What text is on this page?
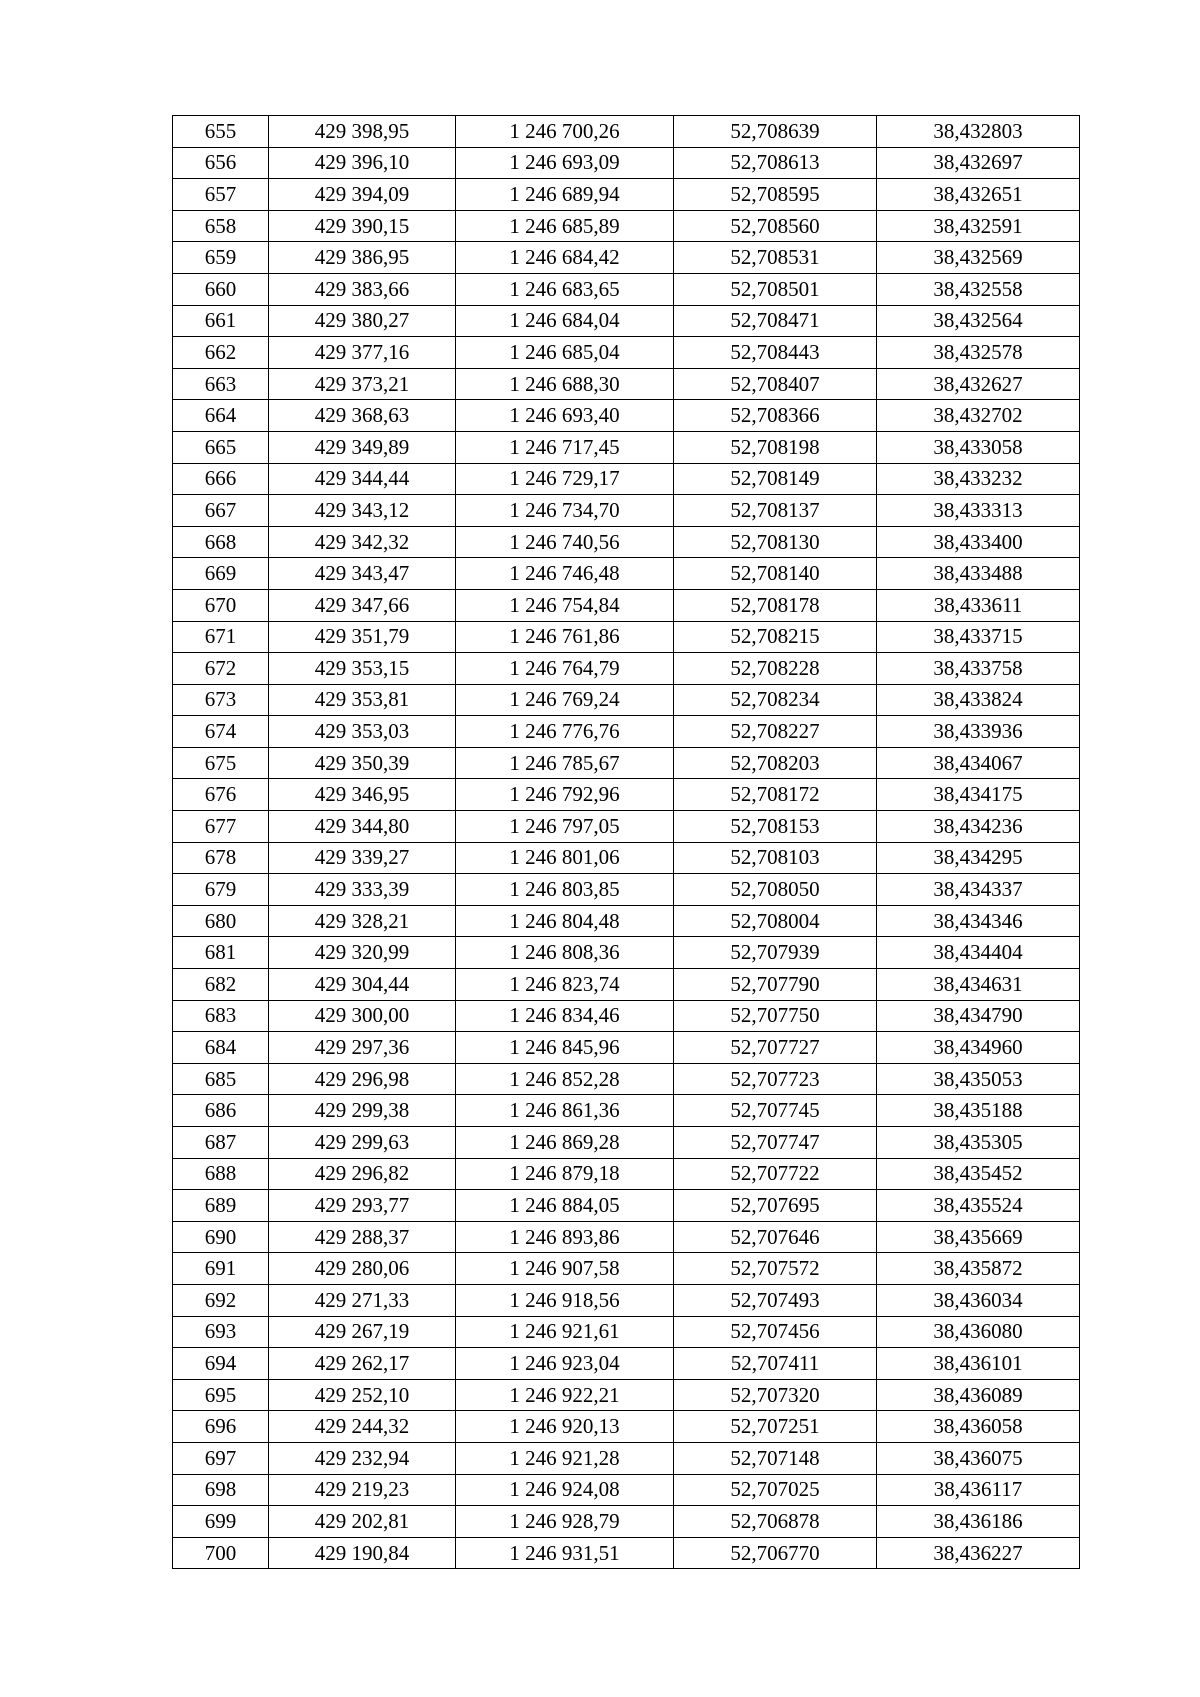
655	429 398,95	1 246 700,26	52,708639	38,432803
656	429 396,10	1 246 693,09	52,708613	38,432697
657	429 394,09	1 246 689,94	52,708595	38,432651
658	429 390,15	1 246 685,89	52,708560	38,432591
659	429 386,95	1 246 684,42	52,708531	38,432569
660	429 383,66	1 246 683,65	52,708501	38,432558
661	429 380,27	1 246 684,04	52,708471	38,432564
662	429 377,16	1 246 685,04	52,708443	38,432578
663	429 373,21	1 246 688,30	52,708407	38,432627
664	429 368,63	1 246 693,40	52,708366	38,432702
665	429 349,89	1 246 717,45	52,708198	38,433058
666	429 344,44	1 246 729,17	52,708149	38,433232
667	429 343,12	1 246 734,70	52,708137	38,433313
668	429 342,32	1 246 740,56	52,708130	38,433400
669	429 343,47	1 246 746,48	52,708140	38,433488
670	429 347,66	1 246 754,84	52,708178	38,433611
671	429 351,79	1 246 761,86	52,708215	38,433715
672	429 353,15	1 246 764,79	52,708228	38,433758
673	429 353,81	1 246 769,24	52,708234	38,433824
674	429 353,03	1 246 776,76	52,708227	38,433936
675	429 350,39	1 246 785,67	52,708203	38,434067
676	429 346,95	1 246 792,96	52,708172	38,434175
677	429 344,80	1 246 797,05	52,708153	38,434236
678	429 339,27	1 246 801,06	52,708103	38,434295
679	429 333,39	1 246 803,85	52,708050	38,434337
680	429 328,21	1 246 804,48	52,708004	38,434346
681	429 320,99	1 246 808,36	52,707939	38,434404
682	429 304,44	1 246 823,74	52,707790	38,434631
683	429 300,00	1 246 834,46	52,707750	38,434790
684	429 297,36	1 246 845,96	52,707727	38,434960
685	429 296,98	1 246 852,28	52,707723	38,435053
686	429 299,38	1 246 861,36	52,707745	38,435188
687	429 299,63	1 246 869,28	52,707747	38,435305
688	429 296,82	1 246 879,18	52,707722	38,435452
689	429 293,77	1 246 884,05	52,707695	38,435524
690	429 288,37	1 246 893,86	52,707646	38,435669
691	429 280,06	1 246 907,58	52,707572	38,435872
692	429 271,33	1 246 918,56	52,707493	38,436034
693	429 267,19	1 246 921,61	52,707456	38,436080
694	429 262,17	1 246 923,04	52,707411	38,436101
695	429 252,10	1 246 922,21	52,707320	38,436089
696	429 244,32	1 246 920,13	52,707251	38,436058
697	429 232,94	1 246 921,28	52,707148	38,436075
698	429 219,23	1 246 924,08	52,707025	38,436117
699	429 202,81	1 246 928,79	52,706878	38,436186
700	429 190,84	1 246 931,51	52,706770	38,436227
